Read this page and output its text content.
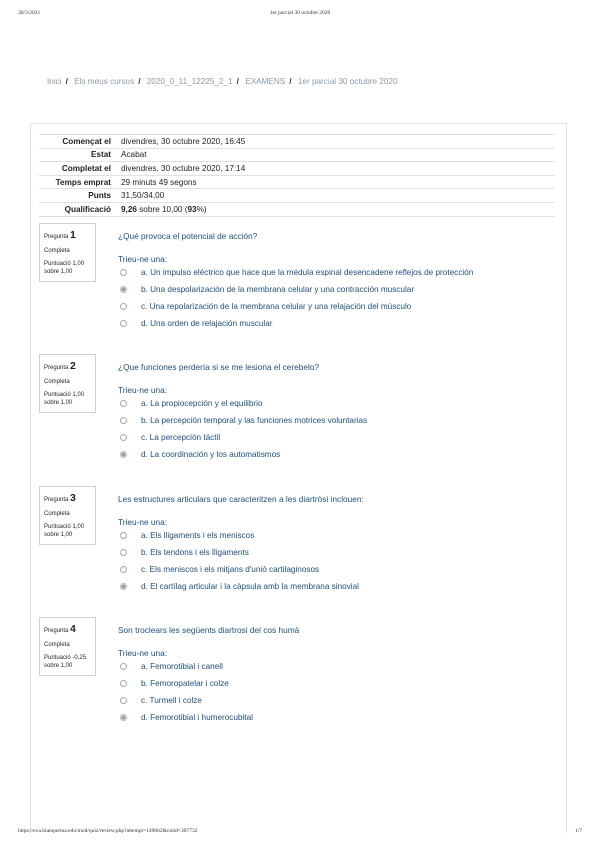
30/3/2021	1er parcial 30 octubre 2020
Inici / Els meus cursos / 2020_0_11_12225_2_1 / EXAMENS / 1er parcial 30 octubre 2020
Començat el	divendres, 30 octubre 2020, 16:45
Estat	Acabat
Completat el	divendres, 30 octubre 2020, 17:14
Temps emprat	29 minuts 49 segons
Punts	31,50/34,00
Qualificació	9,26 sobre 10,00 (93%)
Pregunta 1
Completa
Puntuació 1,00 sobre 1,00
¿Qué provoca el potencial de acción?
Trieu-ne una:
a. Un impulso eléctrico que hace que la médula espinal desencadene reflejos de protección
b. Una despolarización de la membrana celular y una contracción muscular
c. Una repolarización de la membrana celular y una relajación del músculo
d. Una orden de relajación muscular
Pregunta 2
Completa
Puntuació 1,00 sobre 1,00
¿Que funciones perdería si se me lesiona el cerebelo?
Trieu-ne una:
a. La propiocepción y el equilibrio
b. La percepción temporal y las funciones motrices voluntarias
c. La percepción táctil
d. La coordinación y los automatismos
Pregunta 3
Completa
Puntuació 1,00 sobre 1,00
Les estructures articulars que caracteritzen a les diartròsi inclouen:
Trieu-ne una:
a. Els lligaments i els meniscos
b. Els tendons i els lligaments
c. Els meniscos i els mitjans d'unió cartilaginosos
d. El cartílag articular i la càpsula amb la membrana sinovial
Pregunta 4
Completa
Puntuació -0,25 sobre 1,00
Son troclears les següents diartrosi del cos humà
Trieu-ne una:
a. Femorotibial i canell
b. Femoropatelar i colze
c. Turmell i colze
d. Femorotibial i humerocubital
https://eva.blanquerna.edu/mod/quiz/review.php?attempt=149662&cmid=307732	1/7
